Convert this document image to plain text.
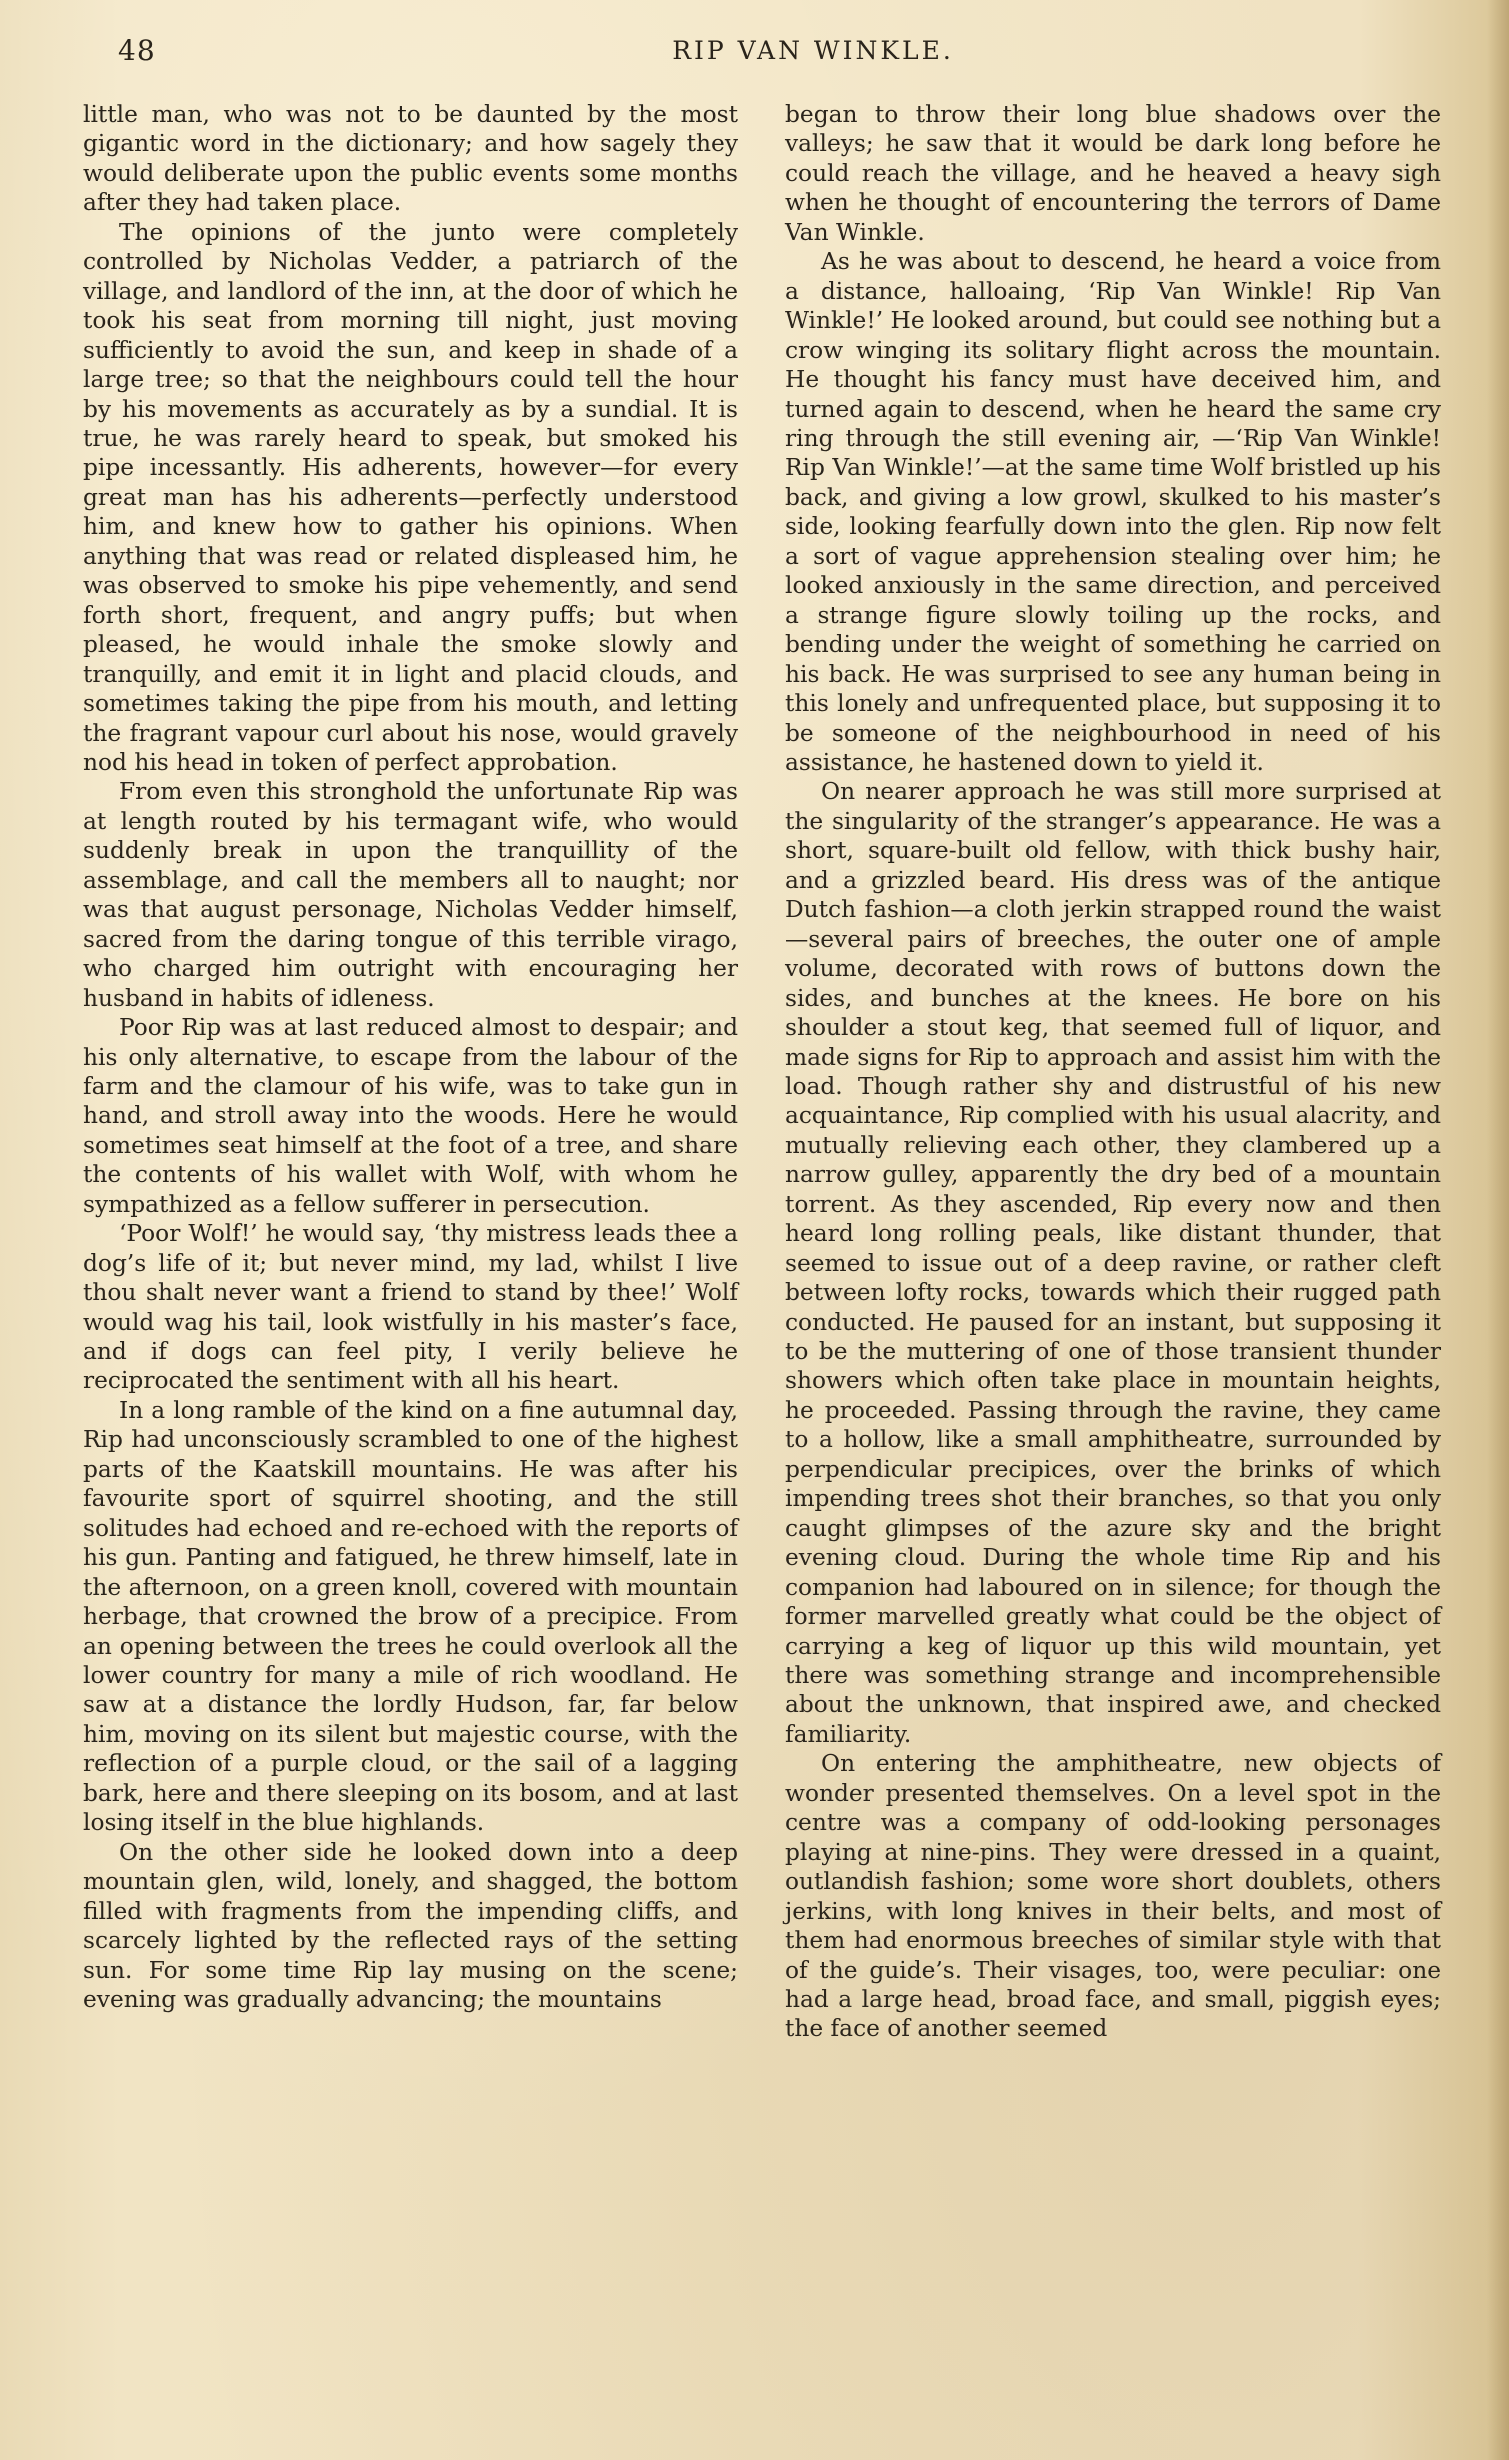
48	RIP VAN WINKLE.

little man, who was not to be daunted by the most gigantic word in the dictionary; and how sagely they would deliberate upon the public events some months after they had taken place.

The opinions of the junto were completely controlled by Nicholas Vedder, a patriarch of the village, and landlord of the inn, at the door of which he took his seat from morning till night, just moving sufficiently to avoid the sun, and keep in shade of a large tree; so that the neighbours could tell the hour by his movements as accurately as by a sundial. It is true, he was rarely heard to speak, but smoked his pipe incessantly. His adherents, however—for every great man has his adherents—perfectly understood him, and knew how to gather his opinions. When anything that was read or related displeased him, he was observed to smoke his pipe vehemently, and send forth short, frequent, and angry puffs; but when pleased, he would inhale the smoke slowly and tranquilly, and emit it in light and placid clouds, and sometimes taking the pipe from his mouth, and letting the fragrant vapour curl about his nose, would gravely nod his head in token of perfect approbation.

From even this stronghold the unfortunate Rip was at length routed by his termagant wife, who would suddenly break in upon the tranquillity of the assemblage, and call the members all to naught; nor was that august personage, Nicholas Vedder himself, sacred from the daring tongue of this terrible virago, who charged him outright with encouraging her husband in habits of idleness.

Poor Rip was at last reduced almost to despair; and his only alternative, to escape from the labour of the farm and the clamour of his wife, was to take gun in hand, and stroll away into the woods. Here he would sometimes seat himself at the foot of a tree, and share the contents of his wallet with Wolf, with whom he sympathized as a fellow sufferer in persecution.

‘Poor Wolf!’ he would say, ‘thy mistress leads thee a dog’s life of it; but never mind, my lad, whilst I live thou shalt never want a friend to stand by thee!’ Wolf would wag his tail, look wistfully in his master’s face, and if dogs can feel pity, I verily believe he reciprocated the sentiment with all his heart.

In a long ramble of the kind on a fine autumnal day, Rip had unconsciously scrambled to one of the highest parts of the Kaatskill mountains. He was after his favourite sport of squirrel shooting, and the still solitudes had echoed and re-echoed with the reports of his gun. Panting and fatigued, he threw himself, late in the afternoon, on a green knoll, covered with mountain herbage, that crowned the brow of a precipice. From an opening between the trees he could overlook all the lower country for many a mile of rich woodland. He saw at a distance the lordly Hudson, far, far below him, moving on its silent but majestic course, with the reflection of a purple cloud, or the sail of a lagging bark, here and there sleeping on its bosom, and at last losing itself in the blue highlands.

On the other side he looked down into a deep mountain glen, wild, lonely, and shagged, the bottom filled with fragments from the impending cliffs, and scarcely lighted by the reflected rays of the setting sun. For some time Rip lay musing on the scene; evening was gradually advancing; the mountains

began to throw their long blue shadows over the valleys; he saw that it would be dark long before he could reach the village, and he heaved a heavy sigh when he thought of encountering the terrors of Dame Van Winkle.

As he was about to descend, he heard a voice from a distance, halloaing, ‘Rip Van Winkle! Rip Van Winkle!’ He looked around, but could see nothing but a crow winging its solitary flight across the mountain. He thought his fancy must have deceived him, and turned again to descend, when he heard the same cry ring through the still evening air, —‘Rip Van Winkle! Rip Van Winkle!’—at the same time Wolf bristled up his back, and giving a low growl, skulked to his master’s side, looking fearfully down into the glen. Rip now felt a sort of vague apprehension stealing over him; he looked anxiously in the same direction, and perceived a strange figure slowly toiling up the rocks, and bending under the weight of something he carried on his back. He was surprised to see any human being in this lonely and unfrequented place, but supposing it to be someone of the neighbourhood in need of his assistance, he hastened down to yield it.

On nearer approach he was still more surprised at the singularity of the stranger’s appearance. He was a short, square-built old fellow, with thick bushy hair, and a grizzled beard. His dress was of the antique Dutch fashion—a cloth jerkin strapped round the waist—several pairs of breeches, the outer one of ample volume, decorated with rows of buttons down the sides, and bunches at the knees. He bore on his shoulder a stout keg, that seemed full of liquor, and made signs for Rip to approach and assist him with the load. Though rather shy and distrustful of his new acquaintance, Rip complied with his usual alacrity, and mutually relieving each other, they clambered up a narrow gulley, apparently the dry bed of a mountain torrent. As they ascended, Rip every now and then heard long rolling peals, like distant thunder, that seemed to issue out of a deep ravine, or rather cleft between lofty rocks, towards which their rugged path conducted. He paused for an instant, but supposing it to be the muttering of one of those transient thunder showers which often take place in mountain heights, he proceeded. Passing through the ravine, they came to a hollow, like a small amphitheatre, surrounded by perpendicular precipices, over the brinks of which impending trees shot their branches, so that you only caught glimpses of the azure sky and the bright evening cloud. During the whole time Rip and his companion had laboured on in silence; for though the former marvelled greatly what could be the object of carrying a keg of liquor up this wild mountain, yet there was something strange and incomprehensible about the unknown, that inspired awe, and checked familiarity.

On entering the amphitheatre, new objects of wonder presented themselves. On a level spot in the centre was a company of odd-looking personages playing at nine-pins. They were dressed in a quaint, outlandish fashion; some wore short doublets, others jerkins, with long knives in their belts, and most of them had enormous breeches of similar style with that of the guide’s. Their visages, too, were peculiar: one had a large head, broad face, and small, piggish eyes; the face of another seemed
